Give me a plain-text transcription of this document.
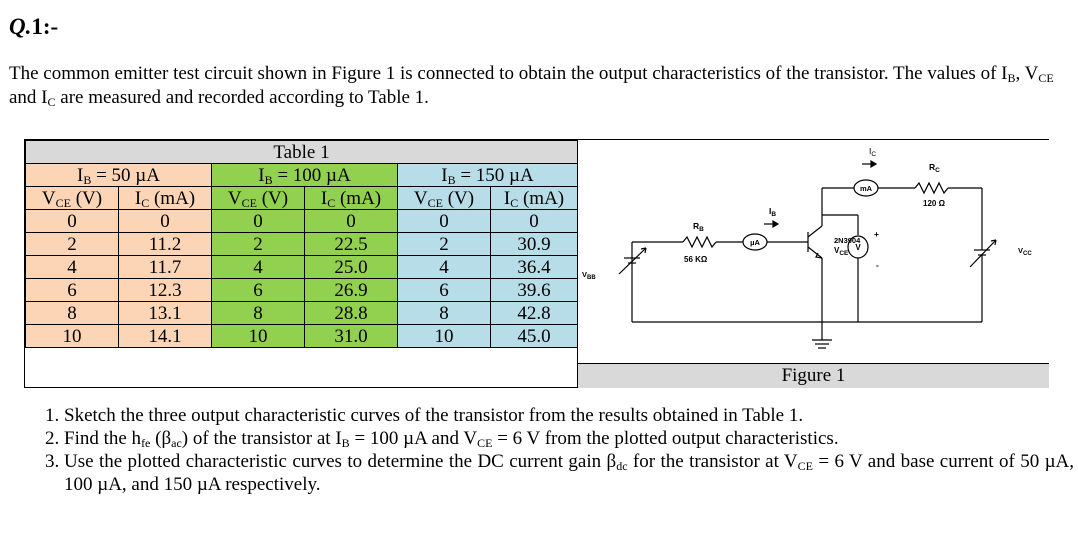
Q.1:-
The common emitter test circuit shown in Figure 1 is connected to obtain the output characteristics of the transistor. The values of $I_B$, $V_{CE}$ and $I_C$ are measured and recorded according to Table 1.
Table 1					
$I_B = 50$ µA		$I_B = 100$ µA		$I_B = 150$ µA	
$V_{CE}$ (V)	$I_C$ (mA)	$V_{CE}$ (V)	$I_C$ (mA)	$V_{CE}$ (V)	$I_C$ (mA)
0	0	0	0	0	0
2	11.2	2	22.5	2	30.9
4	11.7	4	25.0	4	36.4
6	12.3	6	26.9	6	39.6
8	13.1	8	28.8	8	42.8
10	14.1	10	31.0	10	45.0
$I_C$
$R_C$
120 Ω
mA
$I_B$
$R_B$
56 KΩ
µA	2N3904
+
-
$V_{CE}$
V
$V_{BB}$
$V_{CC}$
Figure 1
1. Sketch the three output characteristic curves of the transistor from the results obtained in Table 1.
2. Find the $h_{fe}$ $(\beta_{ac})$ of the transistor at $I_B = 100$ µA and $V_{CE} = 6$ V from the plotted output characteristics.
3. Use the plotted characteristic curves to determine the DC current gain $\beta_{dc}$ for the transistor at $V_{CE} = 6$ V and base current of 50 µA, 100 µA, and 150 µA respectively.
